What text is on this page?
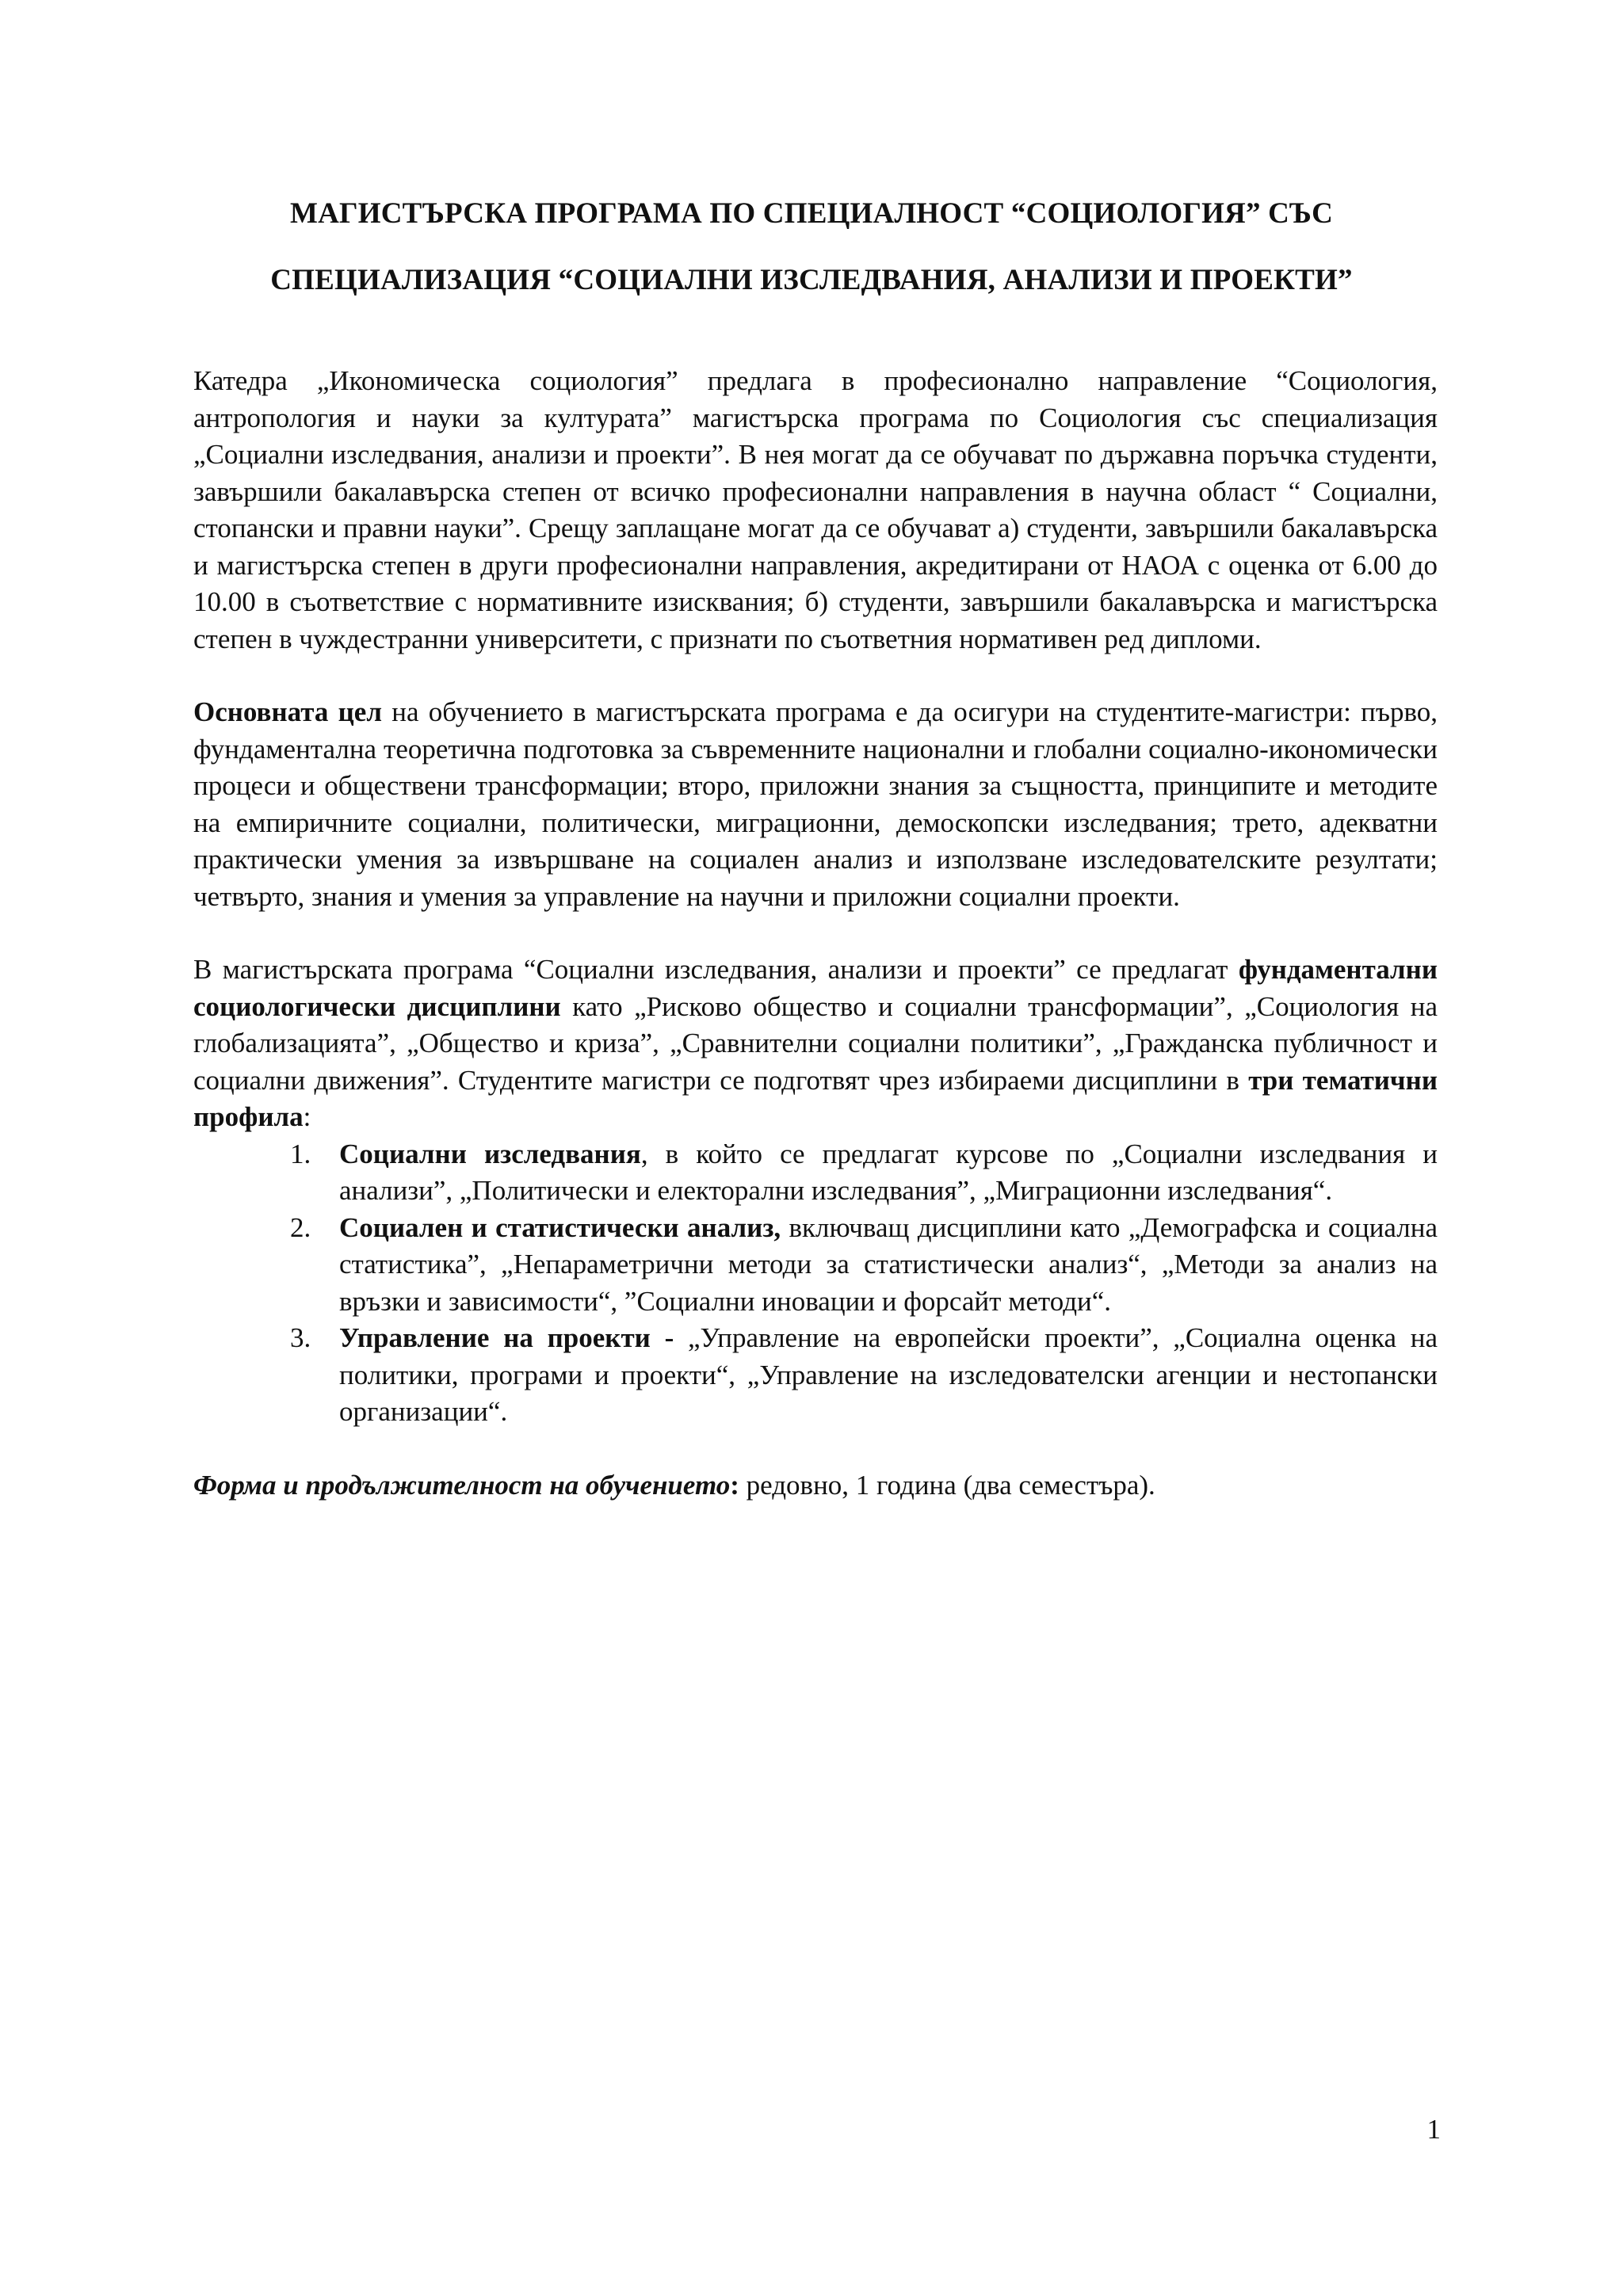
МАГИСТЪРСКА ПРОГРАМА ПО СПЕЦИАЛНОСТ “СОЦИОЛОГИЯ” СЪС
СПЕЦИАЛИЗАЦИЯ “СОЦИАЛНИ ИЗСЛЕДВАНИЯ, АНАЛИЗИ И ПРОЕКТИ”

Катедра „Икономическа социология” предлага в професионално направление “Социология, антропология и науки за културата” магистърска програма по Социология със специализация „Социални изследвания, анализи и проекти”. В нея могат да се обучават по държавна поръчка студенти, завършили бакалавърска степен от всичко професионални направления в научна област “ Социални, стопански и правни науки”. Срещу заплащане могат да се обучават а) студенти, завършили бакалавърска и магистърска степен в други професионални направления, акредитирани от НАОА с оценка от 6.00 до 10.00 в съответствие с нормативните изисквания; б) студенти, завършили бакалавърска и магистърска степен в чуждестранни университети, с признати по съответния нормативен ред дипломи.

Основната цел на обучението в магистърската програма е да осигури на студентите-магистри: първо, фундаментална теоретична подготовка за съвременните национални и глобални социално-икономически процеси и обществени трансформации; второ, приложни знания за същността, принципите и методите на емпиричните социални, политически, миграционни, демоскопски изследвания; трето, адекватни практически умения за извършване на социален анализ и използване изследователските резултати; четвърто, знания и умения за управление на научни и приложни социални проекти.

В магистърската програма “Социални изследвания, анализи и проекти” се предлагат фундаментални социологически дисциплини като „Рисково общество и социални трансформации”, „Социология на глобализацията”, „Общество и криза”, „Сравнителни социални политики”, „Гражданска публичност и социални движения”. Студентите магистри се подготвят чрез избираеми дисциплини в три тематични профила:

1. Социални изследвания, в който се предлагат курсове по „Социални изследвания и анализи”, „Политически и електорални изследвания”, „Миграционни изследвания“.
2. Социален и статистически анализ, включващ дисциплини като „Демографска и социална статистика”, „Непараметрични методи за статистически анализ“, „Методи за анализ на връзки и зависимости“, ”Социални иновации и форсайт методи“.
3. Управление на проекти - „Управление на европейски проекти”, „Социална оценка на политики, програми и проекти“, „Управление на изследователски агенции и нестопански организации“.

Форма и продължителност на обучението: редовно, 1 година (два семестъра).

1
